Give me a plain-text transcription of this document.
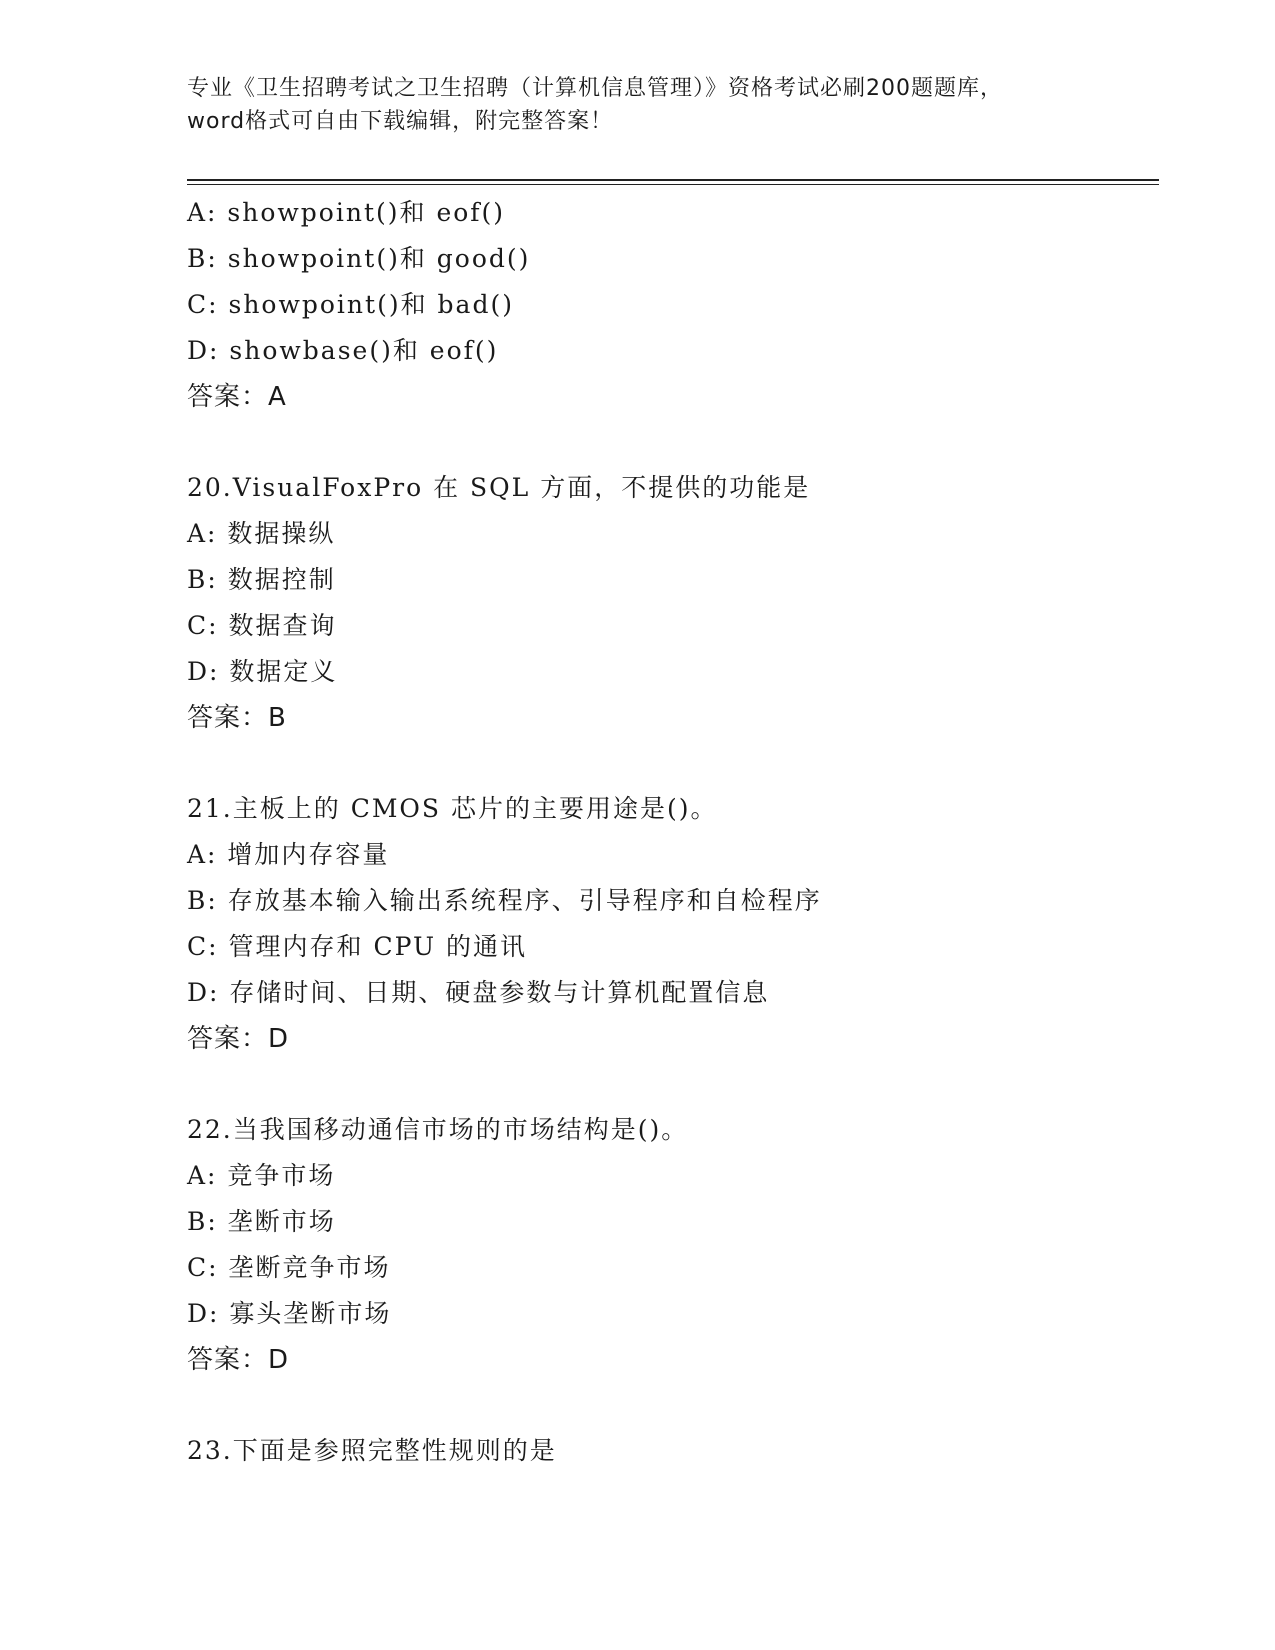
专业《卫生招聘考试之卫生招聘（计算机信息管理）》资格考试必刷200题题库，
word格式可自由下载编辑，附完整答案！
A: showpoint()和 eof()
B: showpoint()和 good()
C: showpoint()和 bad()
D: showbase()和 eof()
答案：A
20.VisualFoxPro 在 SQL 方面，不提供的功能是
A: 数据操纵
B: 数据控制
C: 数据查询
D: 数据定义
答案：B
21.主板上的 CMOS 芯片的主要用途是()。
A: 增加内存容量
B: 存放基本输入输出系统程序、引导程序和自检程序
C: 管理内存和 CPU 的通讯
D: 存储时间、日期、硬盘参数与计算机配置信息
答案：D
22.当我国移动通信市场的市场结构是()。
A: 竞争市场
B: 垄断市场
C: 垄断竞争市场
D: 寡头垄断市场
答案：D
23.下面是参照完整性规则的是
